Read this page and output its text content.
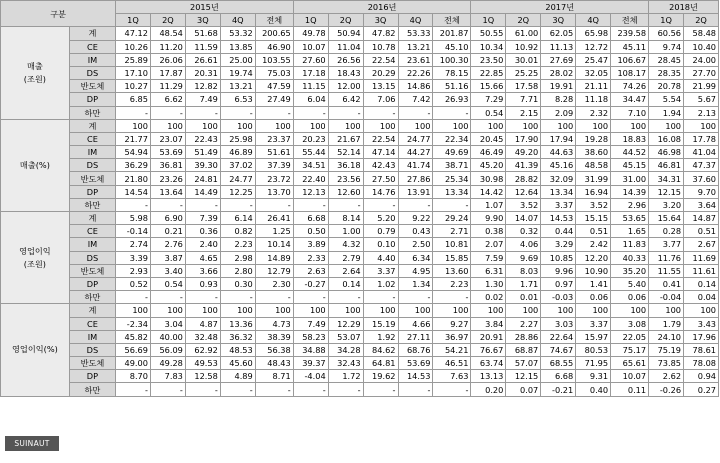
구분		2015년					2016년					2017년					2018년	
		1Q	2Q	3Q	4Q	전체	1Q	2Q	3Q	4Q	전체	1Q	2Q	3Q	4Q	전체	1Q	2Q
매출
(조원)	계	47.12	48.54	51.68	53.32	200.65	49.78	50.94	47.82	53.33	201.87	50.55	61.00	62.05	65.98	239.58	60.56	58.48
	CE	10.26	11.20	11.59	13.85	46.90	10.07	11.04	10.78	13.21	45.10	10.34	10.92	11.13	12.72	45.11	9.74	10.40
	IM	25.89	26.06	26.61	25.00	103.55	27.60	26.56	22.54	23.61	100.30	23.50	30.01	27.69	25.47	106.67	28.45	24.00
	DS	17.10	17.87	20.31	19.74	75.03	17.18	18.43	20.29	22.26	78.15	22.85	25.25	28.02	32.05	108.17	28.35	27.70
	반도체	10.27	11.29	12.82	13.21	47.59	11.15	12.00	13.15	14.86	51.16	15.66	17.58	19.91	21.11	74.26	20.78	21.99
	DP	6.85	6.62	7.49	6.53	27.49	6.04	6.42	7.06	7.42	26.93	7.29	7.71	8.28	11.18	34.47	5.54	5.67
	하만	-	-	-	-	-	-	-	-	-	-	0.54	2.15	2.09	2.32	7.10	1.94	2.13
매출(%)	계	100	100	100	100	100	100	100	100	100	100	100	100	100	100	100	100	100
	CE	21.77	23.07	22.43	25.98	23.37	20.23	21.67	22.54	24.77	22.34	20.45	17.90	17.94	19.28	18.83	16.08	17.78
	IM	54.94	53.69	51.49	46.89	51.61	55.44	52.14	47.14	44.27	49.69	46.49	49.20	44.63	38.60	44.52	46.98	41.04
	DS	36.29	36.81	39.30	37.02	37.39	34.51	36.18	42.43	41.74	38.71	45.20	41.39	45.16	48.58	45.15	46.81	47.37
	반도체	21.80	23.26	24.81	24.77	23.72	22.40	23.56	27.50	27.86	25.34	30.98	28.82	32.09	31.99	31.00	34.31	37.60
	DP	14.54	13.64	14.49	12.25	13.70	12.13	12.60	14.76	13.91	13.34	14.42	12.64	13.34	16.94	14.39	12.15	9.70
	하만	-	-	-	-	-	-	-	-	-	-	1.07	3.52	3.37	3.52	2.96	3.20	3.64
영업이익
(조원)	계	5.98	6.90	7.39	6.14	26.41	6.68	8.14	5.20	9.22	29.24	9.90	14.07	14.53	15.15	53.65	15.64	14.87
	CE	-0.14	0.21	0.36	0.82	1.25	0.50	1.00	0.79	0.43	2.71	0.38	0.32	0.44	0.51	1.65	0.28	0.51
	IM	2.74	2.76	2.40	2.23	10.14	3.89	4.32	0.10	2.50	10.81	2.07	4.06	3.29	2.42	11.83	3.77	2.67
	DS	3.39	3.87	4.65	2.98	14.89	2.33	2.79	4.40	6.34	15.85	7.59	9.69	10.85	12.20	40.33	11.76	11.69
	반도체	2.93	3.40	3.66	2.80	12.79	2.63	2.64	3.37	4.95	13.60	6.31	8.03	9.96	10.90	35.20	11.55	11.61
	DP	0.52	0.54	0.93	0.30	2.30	-0.27	0.14	1.02	1.34	2.23	1.30	1.71	0.97	1.41	5.40	0.41	0.14
	하만	-	-	-	-	-	-	-	-	-	-	0.02	0.01	-0.03	0.06	0.06	-0.04	0.04
영업이익(%)	계	100	100	100	100	100	100	100	100	100	100	100	100	100	100	100	100	100
	CE	-2.34	3.04	4.87	13.36	4.73	7.49	12.29	15.19	4.66	9.27	3.84	2.27	3.03	3.37	3.08	1.79	3.43
	IM	45.82	40.00	32.48	36.32	38.39	58.23	53.07	1.92	27.11	36.97	20.91	28.86	22.64	15.97	22.05	24.10	17.96
	DS	56.69	56.09	62.92	48.53	56.38	34.88	34.28	84.62	68.76	54.21	76.67	68.87	74.67	80.53	75.17	75.19	78.61
	반도체	49.00	49.28	49.53	45.60	48.43	39.37	32.43	64.81	53.69	46.51	63.74	57.07	68.55	71.95	65.61	73.85	78.08
	DP	8.70	7.83	12.58	4.89	8.71	-4.04	1.72	19.62	14.53	7.63	13.13	12.15	6.68	9.31	10.07	2.62	0.94
	하만	-	-	-	-	-	-	-	-	-	-	0.20	0.07	-0.21	0.40	0.11	-0.26	0.27
SUINAUT
